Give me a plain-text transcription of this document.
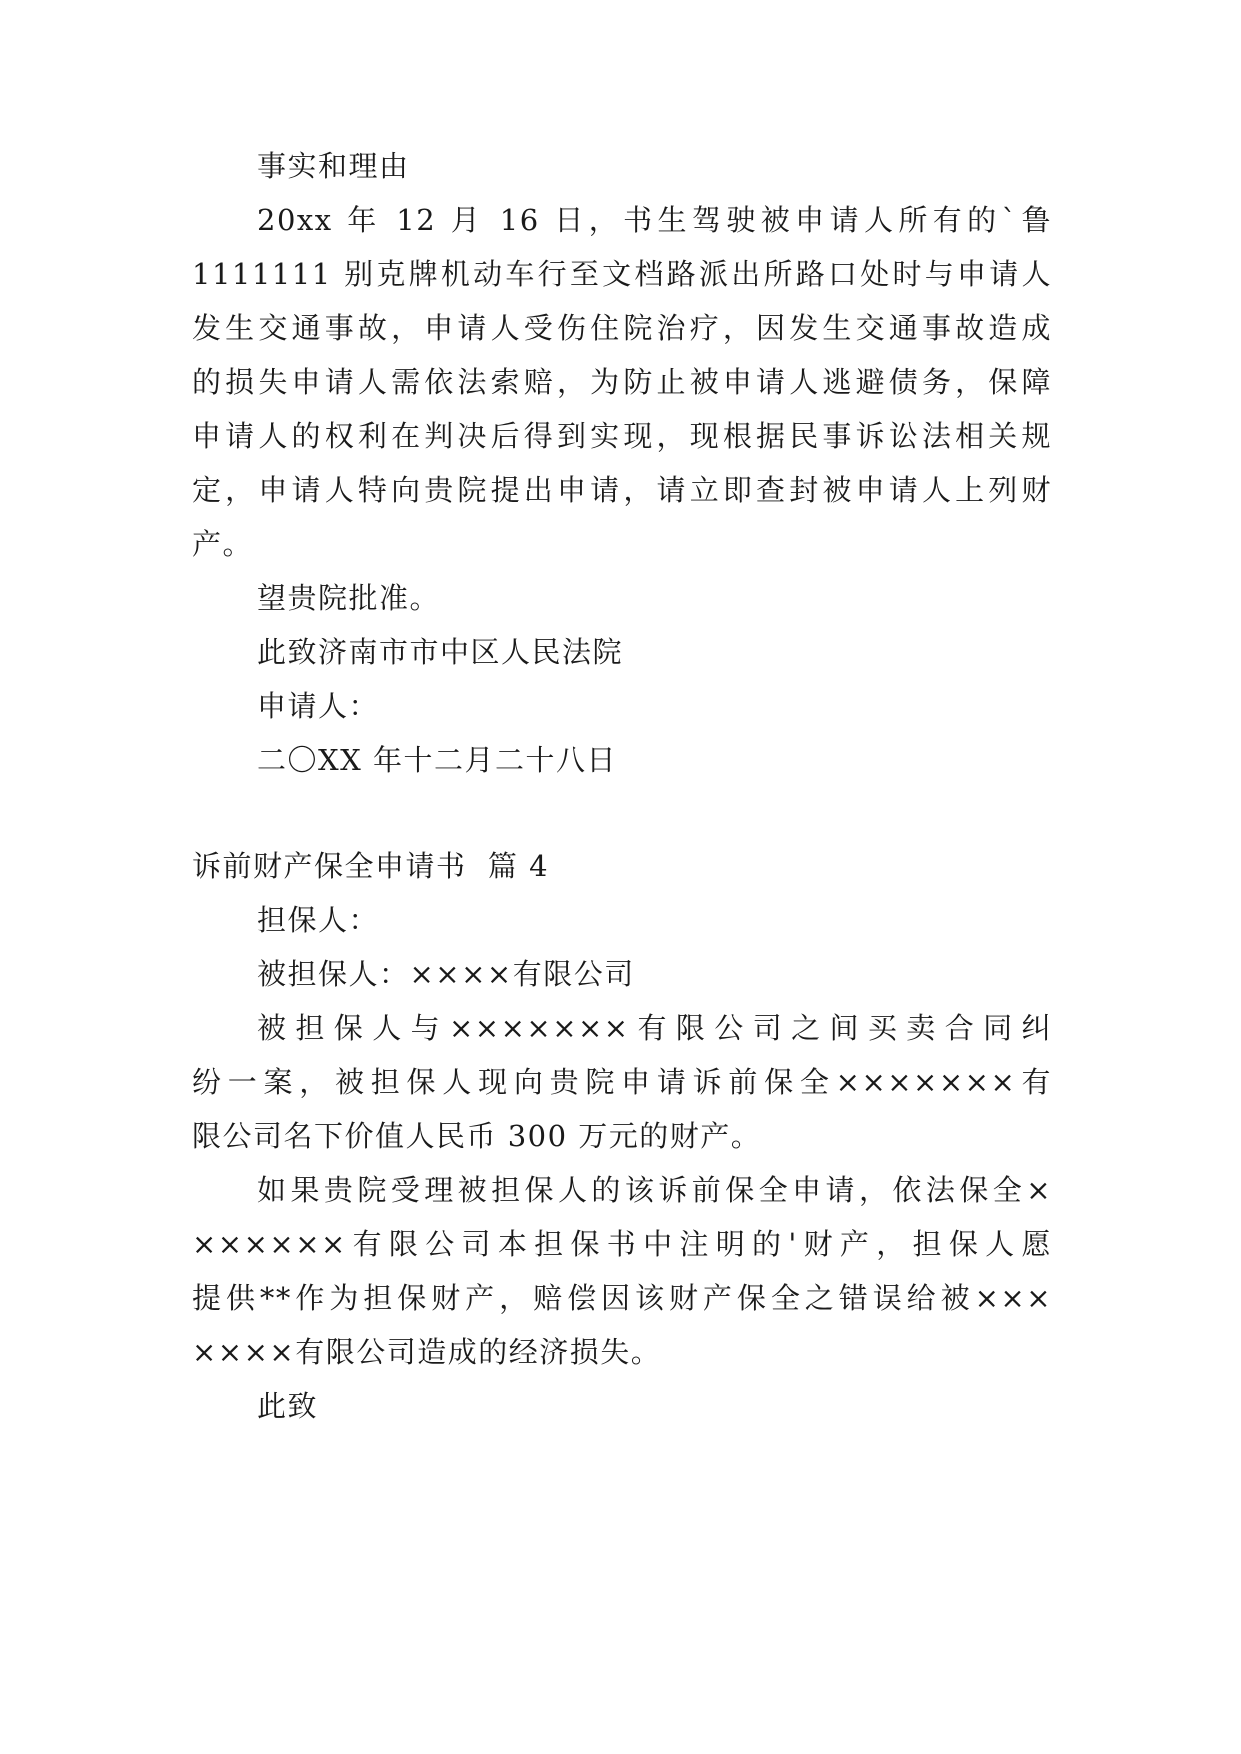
事实和理由
20xx 年 12 月 16 日，书生驾驶被申请人所有的`鲁
1111111 别克牌机动车行至文档路派出所路口处时与申请人
发生交通事故，申请人受伤住院治疗，因发生交通事故造成
的损失申请人需依法索赔，为防止被申请人逃避债务，保障
申请人的权利在判决后得到实现，现根据民事诉讼法相关规
定，申请人特向贵院提出申请，请立即查封被申请人上列财
产。
望贵院批准。
此致济南市市中区人民法院
申请人：
二〇XX 年十二月二十八日
诉前财产保全申请书  篇 4
担保人：
被担保人：××××有限公司
被担保人与×××××××有限公司之间买卖合同纠
纷一案，被担保人现向贵院申请诉前保全×××××××有
限公司名下价值人民币 300 万元的财产。
如果贵院受理被担保人的该诉前保全申请，依法保全×
××××××有限公司本担保书中注明的'财产，担保人愿
提供**作为担保财产，赔偿因该财产保全之错误给被×××
××××有限公司造成的经济损失。
此致
